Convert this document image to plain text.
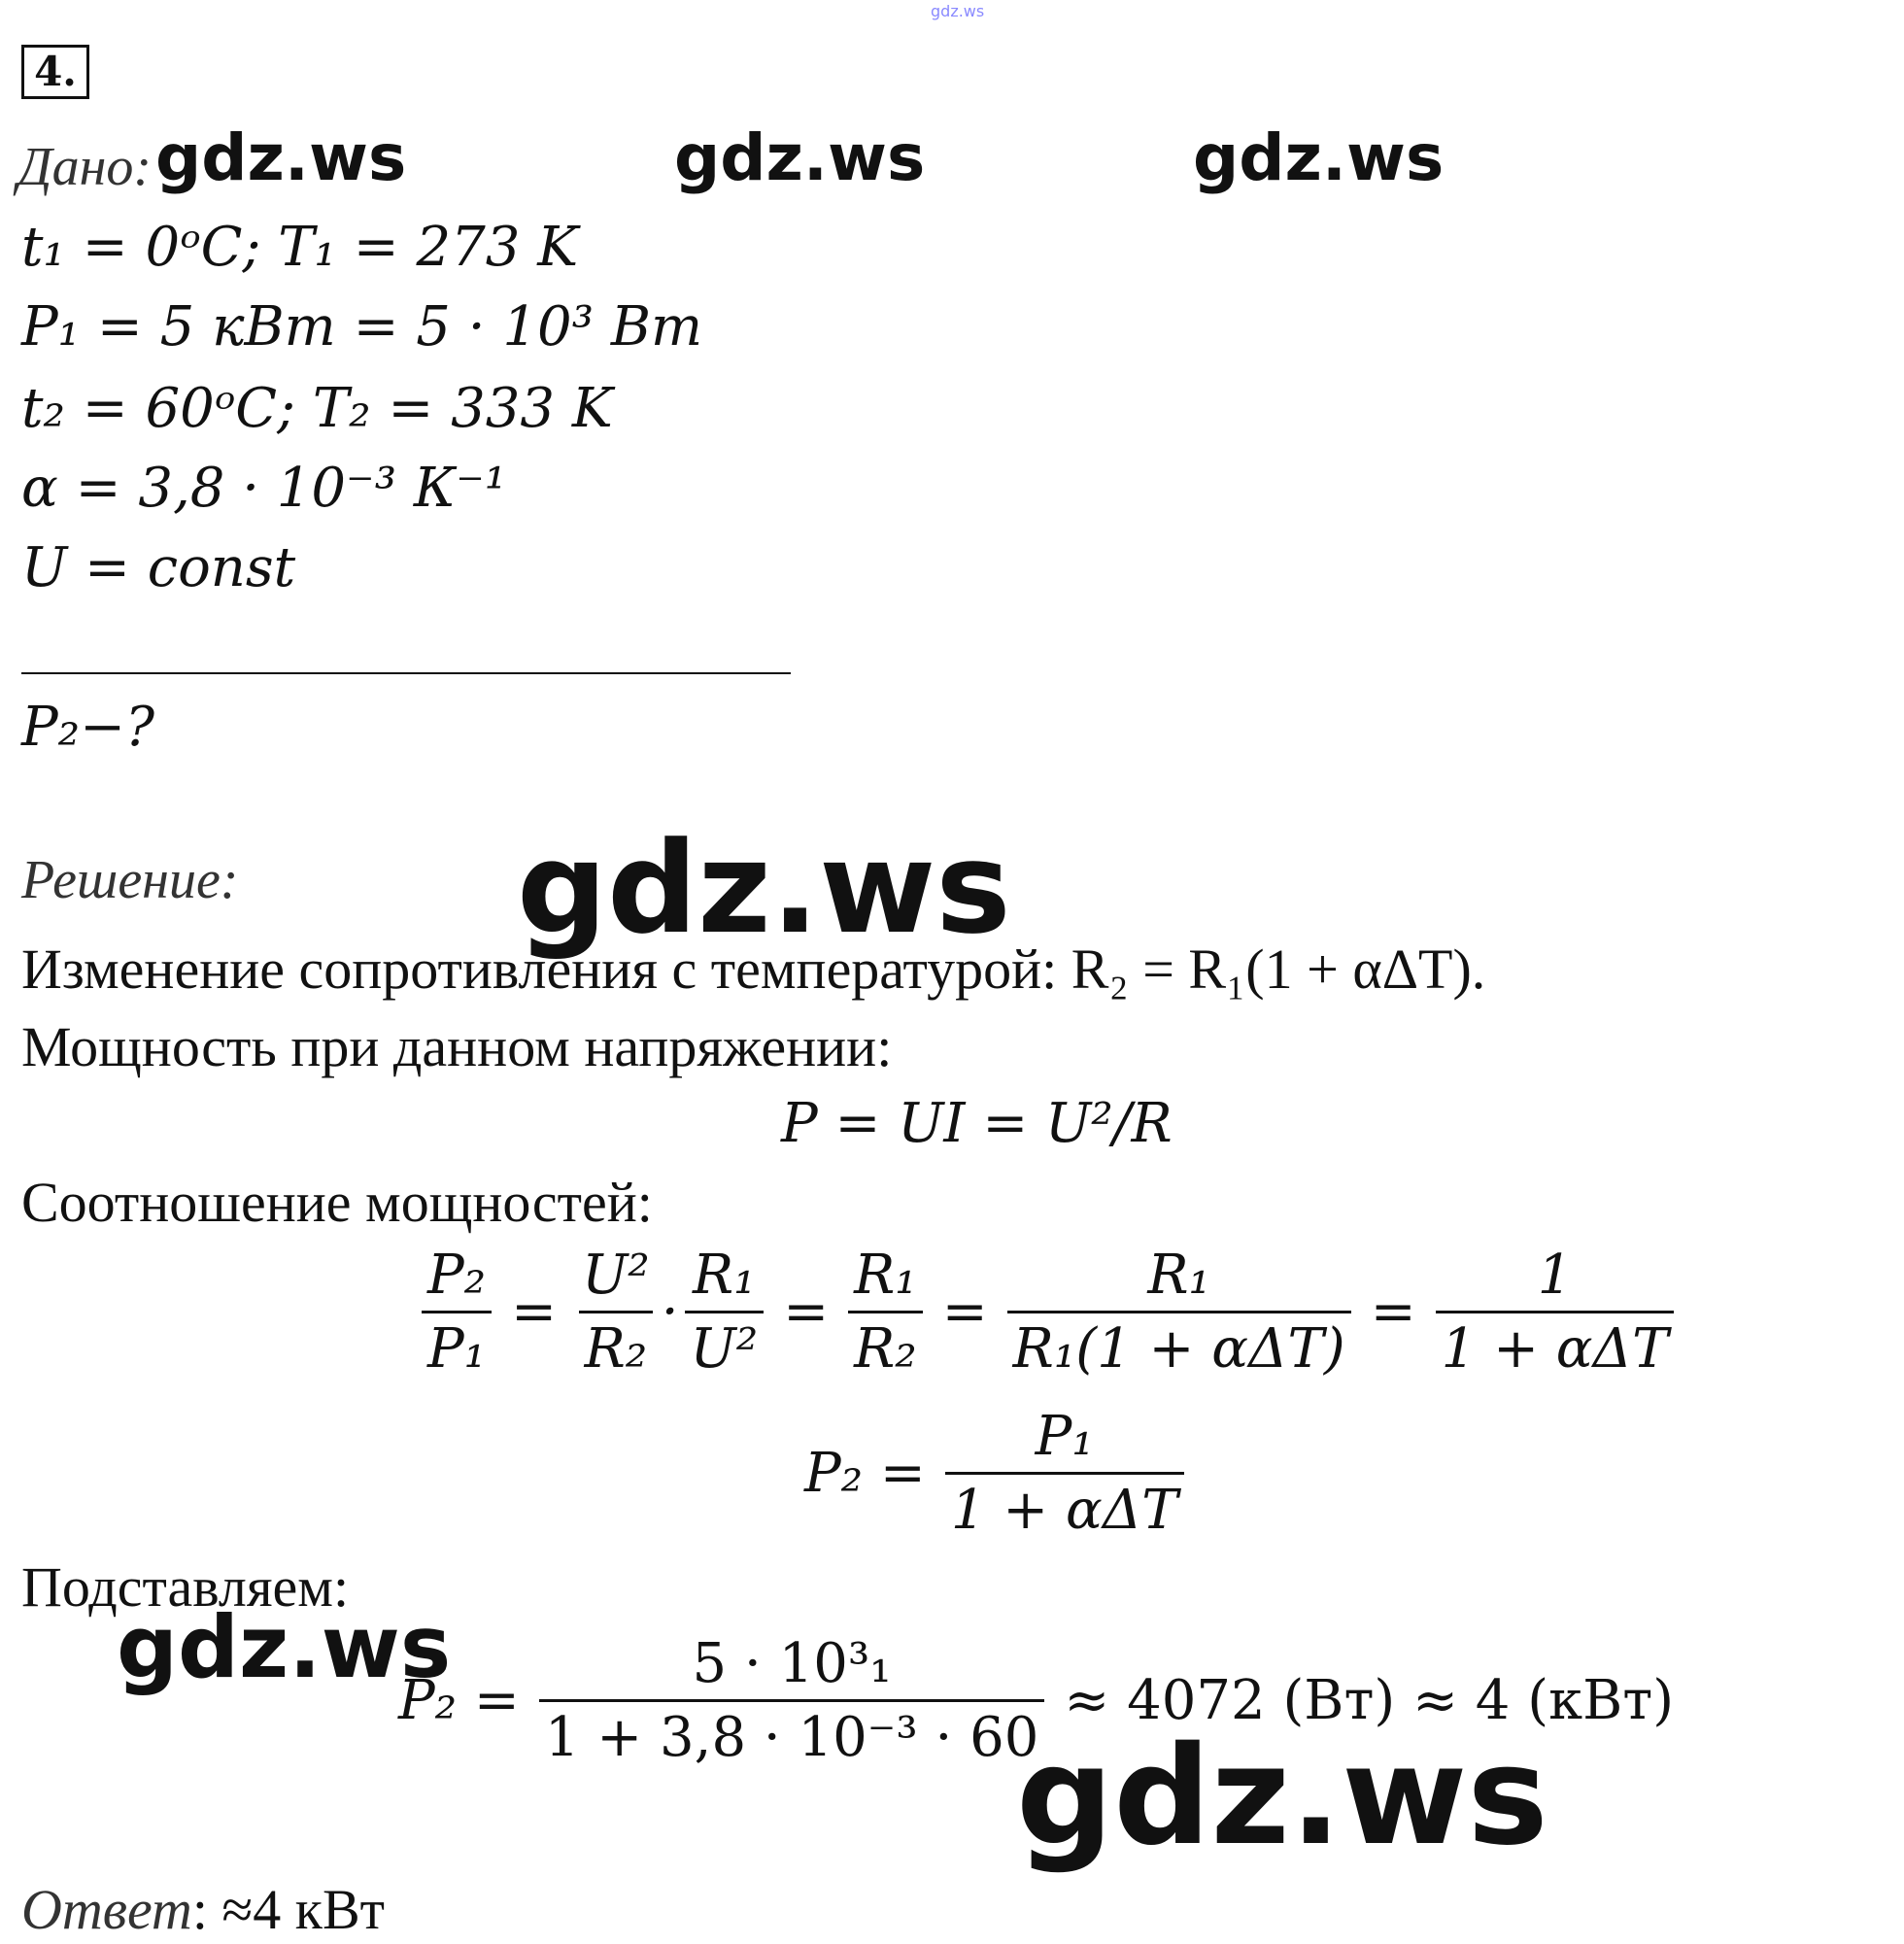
gdz.ws
4.
Дано: gdz.ws	gdz.ws	gdz.ws
t₁ = 0ᵒC; T₁ = 273 K
P₁ = 5 кВт = 5 · 10³ Вт
t₂ = 60ᵒC; T₂ = 333 K
α = 3,8 · 10⁻³ К⁻¹
U = const
P₂−?
Решение: gdz.ws
Изменение сопротивления с температурой: R₂ = R₁(1 + αΔT).
Мощность при данном напряжении:
P = UI = U²/R
Соотношение мощностей:
$\frac{\text{P₂}}{\text{P₁}} = \frac{\text{U²}}{\text{R₂}} \cdot \frac{\text{R₁}}{\text{U²}} = \frac{\text{R₁}}{\text{R₂}} = \frac{\text{R₁}}{\text{R₁(1 + αΔT)}} = \frac{1}{\text{1 + αΔT}}$
$P_2 = \frac{\text{P₁}}{\text{1 + αΔT}}$
Подставляем:
gdz.ws
$P_2 = \frac{\text{5 · 10³₁}}{\text{1 + 3,8 · 10⁻³ · 60}} \approx 4072$ (Вт) ≈ 4 (кВт)
gdz.ws
Ответ: ≈4 кВт
